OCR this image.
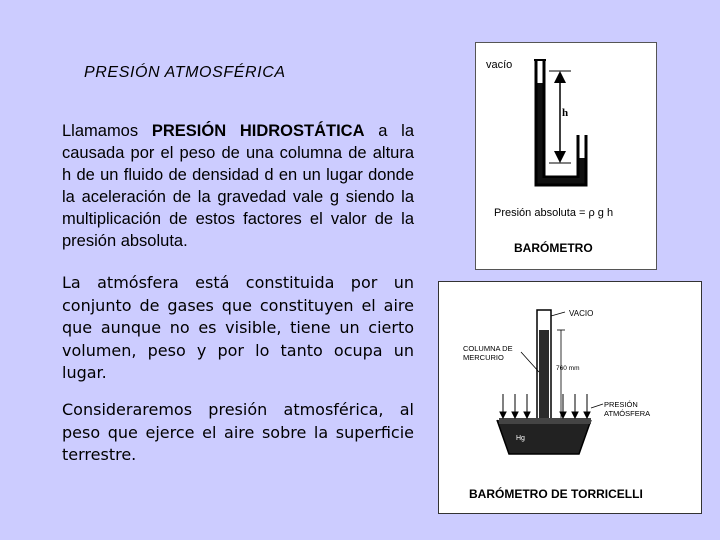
PRESIÓN ATMOSFÉRICA

Llamamos PRESIÓN HIDROSTÁTICA a la causada por el peso de una columna de altura h de un fluido de densidad d en un lugar donde la aceleración de la gravedad vale g siendo la multiplicación de estos factores el valor de la presión absoluta.

La atmósfera está constituida por un conjunto de gases que constituyen el aire que aunque no es visible, tiene un cierto volumen, peso y por lo tanto ocupa un lugar.

Consideraremos presión atmosférica, al peso que ejerce el aire sobre la superficie terrestre.

vacío
h
Presión absoluta = ρ g h
BARÓMETRO
VACIO
COLUMNA DE MERCURIO
760 mm
PRESIÓN
ATMÓSFERA
Hg
BARÓMETRO DE TORRICELLI
